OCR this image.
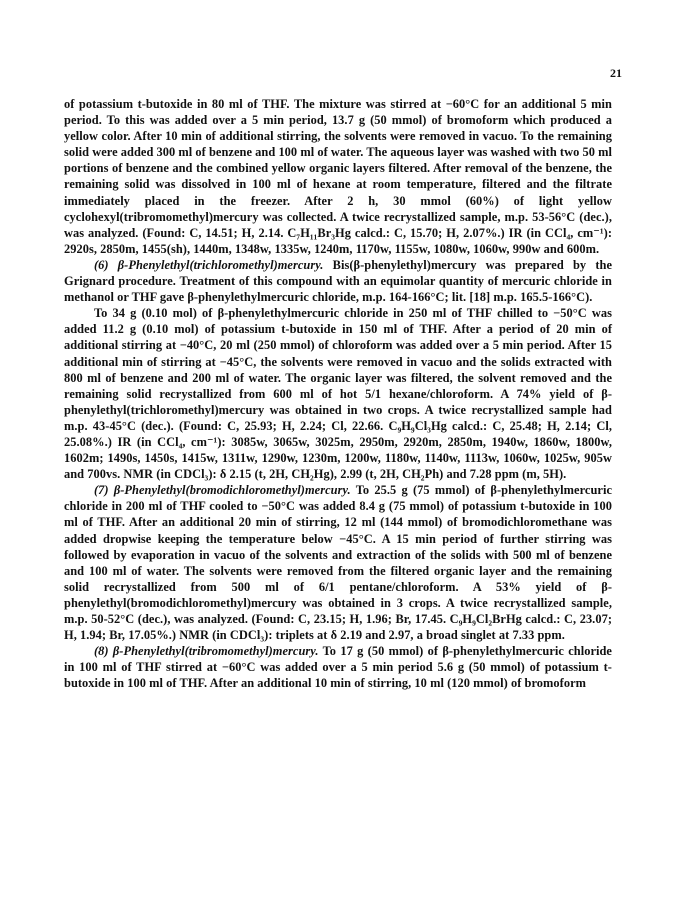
21

of potassium t-butoxide in 80 ml of THF. The mixture was stirred at −60°C for an additional 5 min period. To this was added over a 5 min period, 13.7 g (50 mmol) of bromoform which produced a yellow color. After 10 min of additional stirring, the solvents were removed in vacuo. To the remaining solid were added 300 ml of benzene and 100 ml of water. The aqueous layer was washed with two 50 ml portions of benzene and the combined yellow organic layers filtered. After removal of the benzene, the remaining solid was dissolved in 100 ml of hexane at room temperature, filtered and the filtrate immediately placed in the freezer. After 2 h, 30 mmol (60%) of light yellow cyclohexyl(tribromomethyl)mercury was collected. A twice recrystallized sample, m.p. 53-56°C (dec.), was analyzed. (Found: C, 14.51; H, 2.14. C₇H₁₁Br₃Hg calcd.: C, 15.70; H, 2.07%.) IR (in CCl₄, cm⁻¹): 2920s, 2850m, 1455(sh), 1440m, 1348w, 1335w, 1240m, 1170w, 1155w, 1080w, 1060w, 990w and 600m.

(6) β-Phenylethyl(trichloromethyl)mercury. Bis(β-phenylethyl)mercury was prepared by the Grignard procedure. Treatment of this compound with an equimolar quantity of mercuric chloride in methanol or THF gave β-phenylethylmercuric chloride, m.p. 164-166°C; lit. [18] m.p. 165.5-166°C).

To 34 g (0.10 mol) of β-phenylethylmercuric chloride in 250 ml of THF chilled to −50°C was added 11.2 g (0.10 mol) of potassium t-butoxide in 150 ml of THF. After a period of 20 min of additional stirring at −40°C, 20 ml (250 mmol) of chloroform was added over a 5 min period. After 15 additional min of stirring at −45°C, the solvents were removed in vacuo and the solids extracted with 800 ml of benzene and 200 ml of water. The organic layer was filtered, the solvent removed and the remaining solid recrystallized from 600 ml of hot 5/1 hexane/chloroform. A 74% yield of β-phenylethyl(trichloromethyl)mercury was obtained in two crops. A twice recrystallized sample had m.p. 43-45°C (dec.). (Found: C, 25.93; H, 2.24; Cl, 22.66. C₉H₉Cl₃Hg calcd.: C, 25.48; H, 2.14; Cl, 25.08%.) IR (in CCl₄, cm⁻¹): 3085w, 3065w, 3025m, 2950m, 2920m, 2850m, 1940w, 1860w, 1800w, 1602m; 1490s, 1450s, 1415w, 1311w, 1290w, 1230m, 1200w, 1180w, 1140w, 1113w, 1060w, 1025w, 905w and 700vs. NMR (in CDCl₃): δ 2.15 (t, 2H, CH₂Hg), 2.99 (t, 2H, CH₂Ph) and 7.28 ppm (m, 5H).

(7) β-Phenylethyl(bromodichloromethyl)mercury. To 25.5 g (75 mmol) of β-phenylethylmercuric chloride in 200 ml of THF cooled to −50°C was added 8.4 g (75 mmol) of potassium t-butoxide in 100 ml of THF. After an additional 20 min of stirring, 12 ml (144 mmol) of bromodichloromethane was added dropwise keeping the temperature below −45°C. A 15 min period of further stirring was followed by evaporation in vacuo of the solvents and extraction of the solids with 500 ml of benzene and 100 ml of water. The solvents were removed from the filtered organic layer and the remaining solid recrystallized from 500 ml of 6/1 pentane/chloroform. A 53% yield of β-phenylethyl(bromodichloromethyl)mercury was obtained in 3 crops. A twice recrystallized sample, m.p. 50-52°C (dec.), was analyzed. (Found: C, 23.15; H, 1.96; Br, 17.45. C₉H₉Cl₂BrHg calcd.: C, 23.07; H, 1.94; Br, 17.05%.) NMR (in CDCl₃): triplets at δ 2.19 and 2.97, a broad singlet at 7.33 ppm.

(8) β-Phenylethyl(tribromomethyl)mercury. To 17 g (50 mmol) of β-phenylethylmercuric chloride in 100 ml of THF stirred at −60°C was added over a 5 min period 5.6 g (50 mmol) of potassium t-butoxide in 100 ml of THF. After an additional 10 min of stirring, 10 ml (120 mmol) of bromoform
